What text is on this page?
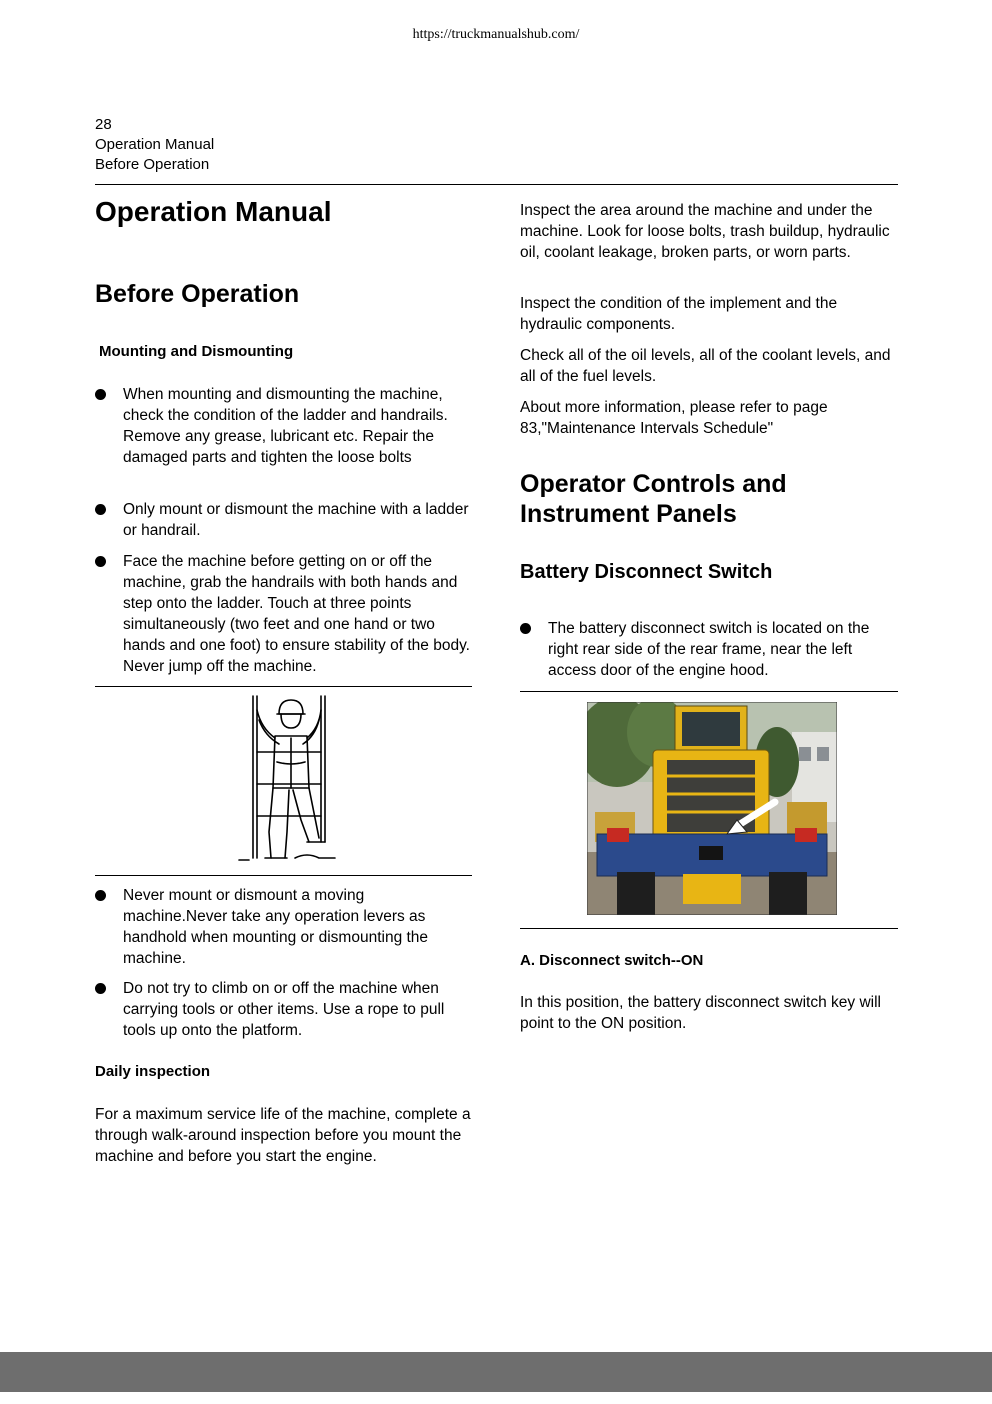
https://truckmanualshub.com/
28
Operation Manual
Before Operation
Operation Manual
Before Operation
Mounting and Dismounting
When mounting and dismounting the machine, check the condition of the ladder and handrails. Remove any grease, lubricant etc. Repair the damaged parts and tighten the loose bolts
Only mount or dismount the machine with a ladder or handrail.
Face the machine before getting on or off the machine, grab the handrails with both hands and step onto the ladder. Touch at three points simultaneously (two feet and one hand or two hands and one foot) to ensure stability of the body. Never jump off the machine.
Never mount or dismount a moving machine.Never take any operation levers as handhold when mounting or dismounting the machine.
Do not try to climb on or off the machine when carrying tools or other items. Use a rope to pull tools up onto the platform.
Daily inspection

For a maximum service life of the machine, complete a through walk-around inspection before you mount the machine and before you start the engine.

Inspect the area around the machine and under the machine. Look for loose bolts, trash buildup, hydraulic oil, coolant leakage, broken parts, or worn parts.

Inspect the condition of the implement and the hydraulic components.

Check all of the oil levels, all of the coolant levels, and all of the fuel levels.

About more information, please refer to page 83,"Maintenance Intervals Schedule"

Operator Controls and Instrument Panels
Battery Disconnect Switch
The battery disconnect switch is located on the right rear side of the rear frame, near the left access door of the engine hood.
A. Disconnect switch--ON

In this position, the battery disconnect switch key will point to the ON position.
